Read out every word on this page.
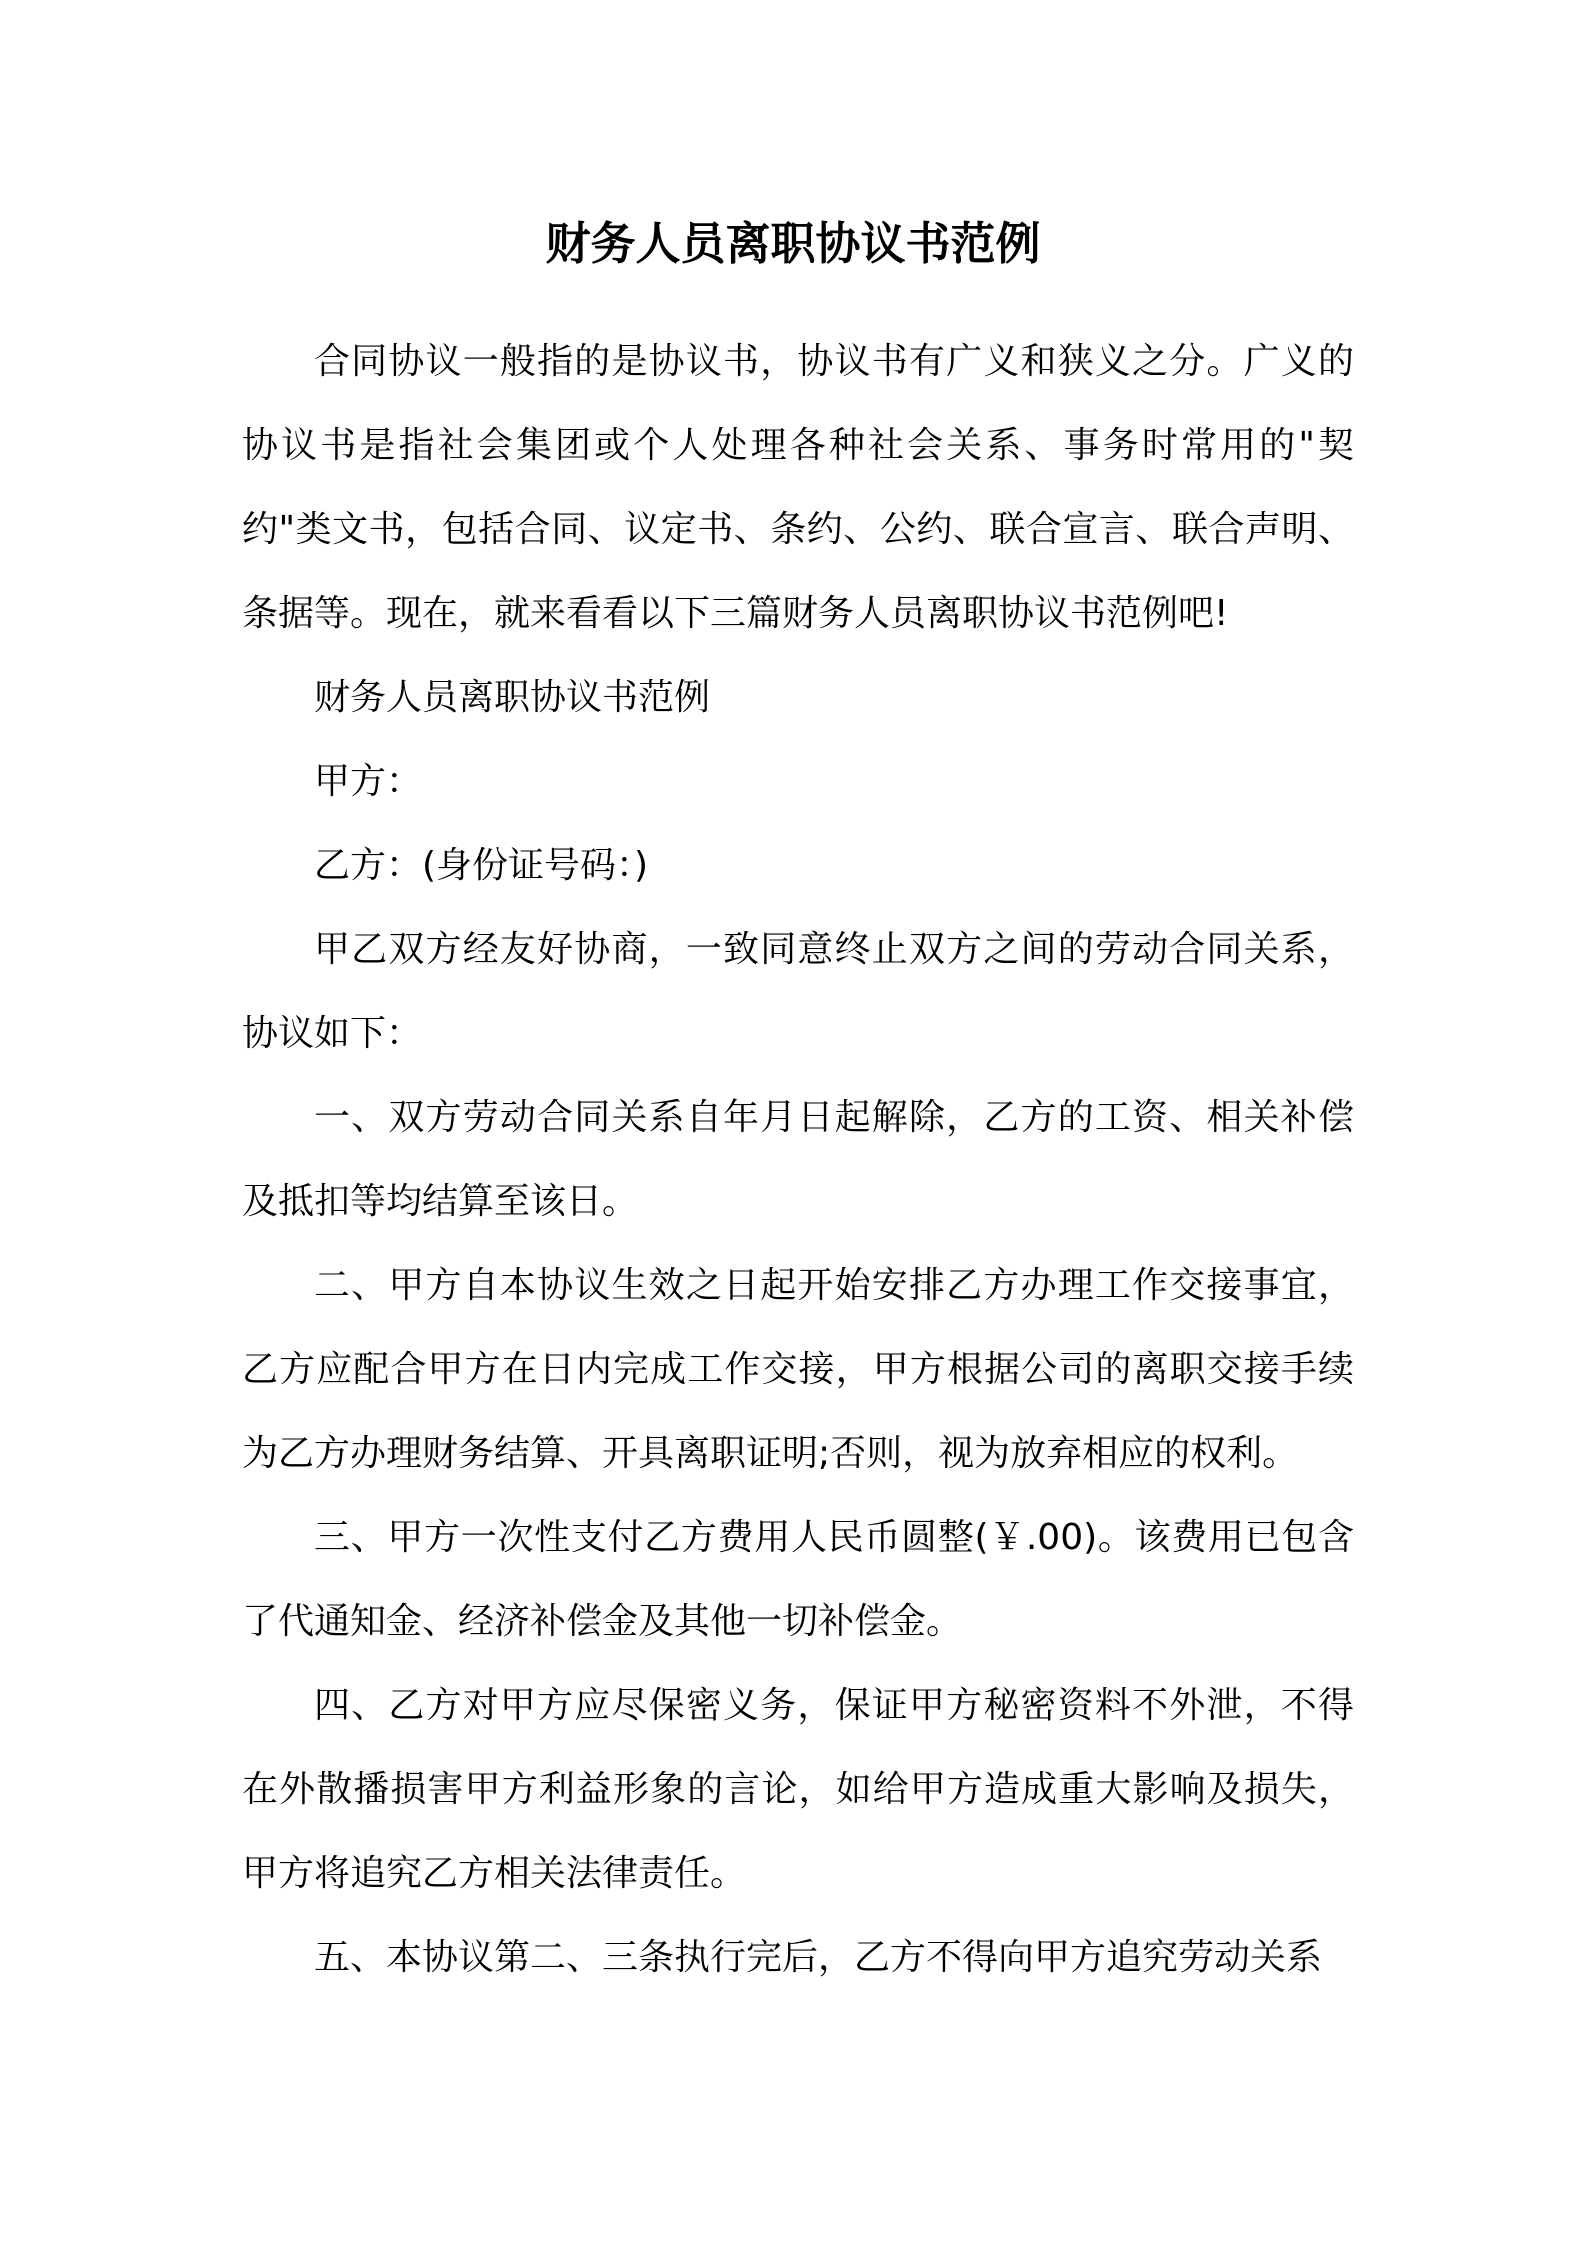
财务人员离职协议书范例

合同协议一般指的是协议书，协议书有广义和狭义之分。广义的协议书是指社会集团或个人处理各种社会关系、事务时常用的"契约"类文书，包括合同、议定书、条约、公约、联合宣言、联合声明、条据等。现在，就来看看以下三篇财务人员离职协议书范例吧!

财务人员离职协议书范例

甲方：

乙方：(身份证号码：)

甲乙双方经友好协商，一致同意终止双方之间的劳动合同关系，协议如下：

一、双方劳动合同关系自年月日起解除，乙方的工资、相关补偿及抵扣等均结算至该日。

二、甲方自本协议生效之日起开始安排乙方办理工作交接事宜，乙方应配合甲方在日内完成工作交接，甲方根据公司的离职交接手续为乙方办理财务结算、开具离职证明;否则，视为放弃相应的权利。

三、甲方一次性支付乙方费用人民币圆整(￥.00)。该费用已包含了代通知金、经济补偿金及其他一切补偿金。

四、乙方对甲方应尽保密义务，保证甲方秘密资料不外泄，不得在外散播损害甲方利益形象的言论，如给甲方造成重大影响及损失，甲方将追究乙方相关法律责任。

五、本协议第二、三条执行完后，乙方不得向甲方追究劳动关系
